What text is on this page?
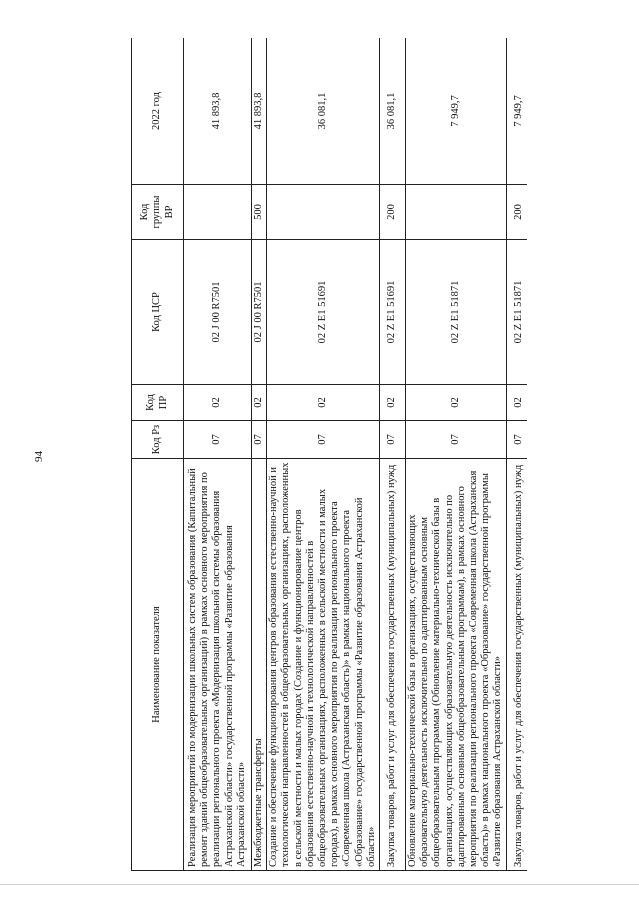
94
Наименование показателя	Код Рз	Код ПР	Код ЦСР	Код группы ВР	2022 год
Реализация мероприятий по модернизации школьных систем образования (Капитальный ремонт зданий общеобразовательных организаций) в рамках основного мероприятия по реализации регионального проекта «Модернизация школьной системы образования Астраханской области» государственной программы «Развитие образования Астраханской области»	07	02	02 J 00 R7501		41 893,8
Межбюджетные трансферты	07	02	02 J 00 R7501	500	41 893,8
Создание и обеспечение функционирования центров образования естественно-научной и технологической направленностей в общеобразовательных организациях, расположенных в сельской местности и малых городах (Создание и функционирование центров образования естественно-научной и технологической направленностей в общеобразовательных организациях, расположенных в сельской местности и малых городах), в рамках основного мероприятия по реализации регионального проекта «Современная школа (Астраханская область)» в рамках национального проекта «Образование» государственной программы «Развитие образования Астраханской области»	07	02	02 Z E1 51691		36 081,1
Закупка товаров, работ и услуг для обеспечения государственных (муниципальных) нужд	07	02	02 Z E1 51691	200	36 081,1
Обновление материально-технической базы в организациях, осуществляющих образовательную деятельность исключительно по адаптированным основным общеобразовательным программам (Обновление материально-технической базы в организациях, осуществляющих образовательную деятельность исключительно по адаптированным основным общеобразовательным программам), в рамках основного мероприятия по реализации регионального проекта «Современная школа (Астраханская область)» в рамках национального проекта «Образование» государственной программы «Развитие образования Астраханской области»	07	02	02 Z E1 51871		7 949,7
Закупка товаров, работ и услуг для обеспечения государственных (муниципальных) нужд	07	02	02 Z E1 51871	200	7 949,7
